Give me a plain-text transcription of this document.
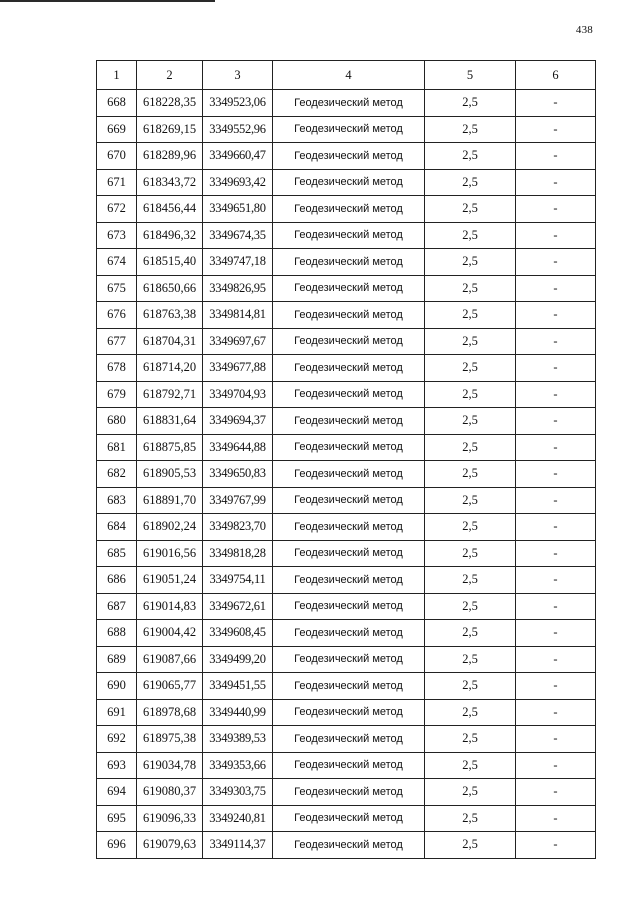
438
1	2	3	4	5	6
668	618228,35	3349523,06	Геодезический метод	2,5	-
669	618269,15	3349552,96	Геодезический метод	2,5	-
670	618289,96	3349660,47	Геодезический метод	2,5	-
671	618343,72	3349693,42	Геодезический метод	2,5	-
672	618456,44	3349651,80	Геодезический метод	2,5	-
673	618496,32	3349674,35	Геодезический метод	2,5	-
674	618515,40	3349747,18	Геодезический метод	2,5	-
675	618650,66	3349826,95	Геодезический метод	2,5	-
676	618763,38	3349814,81	Геодезический метод	2,5	-
677	618704,31	3349697,67	Геодезический метод	2,5	-
678	618714,20	3349677,88	Геодезический метод	2,5	-
679	618792,71	3349704,93	Геодезический метод	2,5	-
680	618831,64	3349694,37	Геодезический метод	2,5	-
681	618875,85	3349644,88	Геодезический метод	2,5	-
682	618905,53	3349650,83	Геодезический метод	2,5	-
683	618891,70	3349767,99	Геодезический метод	2,5	-
684	618902,24	3349823,70	Геодезический метод	2,5	-
685	619016,56	3349818,28	Геодезический метод	2,5	-
686	619051,24	3349754,11	Геодезический метод	2,5	-
687	619014,83	3349672,61	Геодезический метод	2,5	-
688	619004,42	3349608,45	Геодезический метод	2,5	-
689	619087,66	3349499,20	Геодезический метод	2,5	-
690	619065,77	3349451,55	Геодезический метод	2,5	-
691	618978,68	3349440,99	Геодезический метод	2,5	-
692	618975,38	3349389,53	Геодезический метод	2,5	-
693	619034,78	3349353,66	Геодезический метод	2,5	-
694	619080,37	3349303,75	Геодезический метод	2,5	-
695	619096,33	3349240,81	Геодезический метод	2,5	-
696	619079,63	3349114,37	Геодезический метод	2,5	-
